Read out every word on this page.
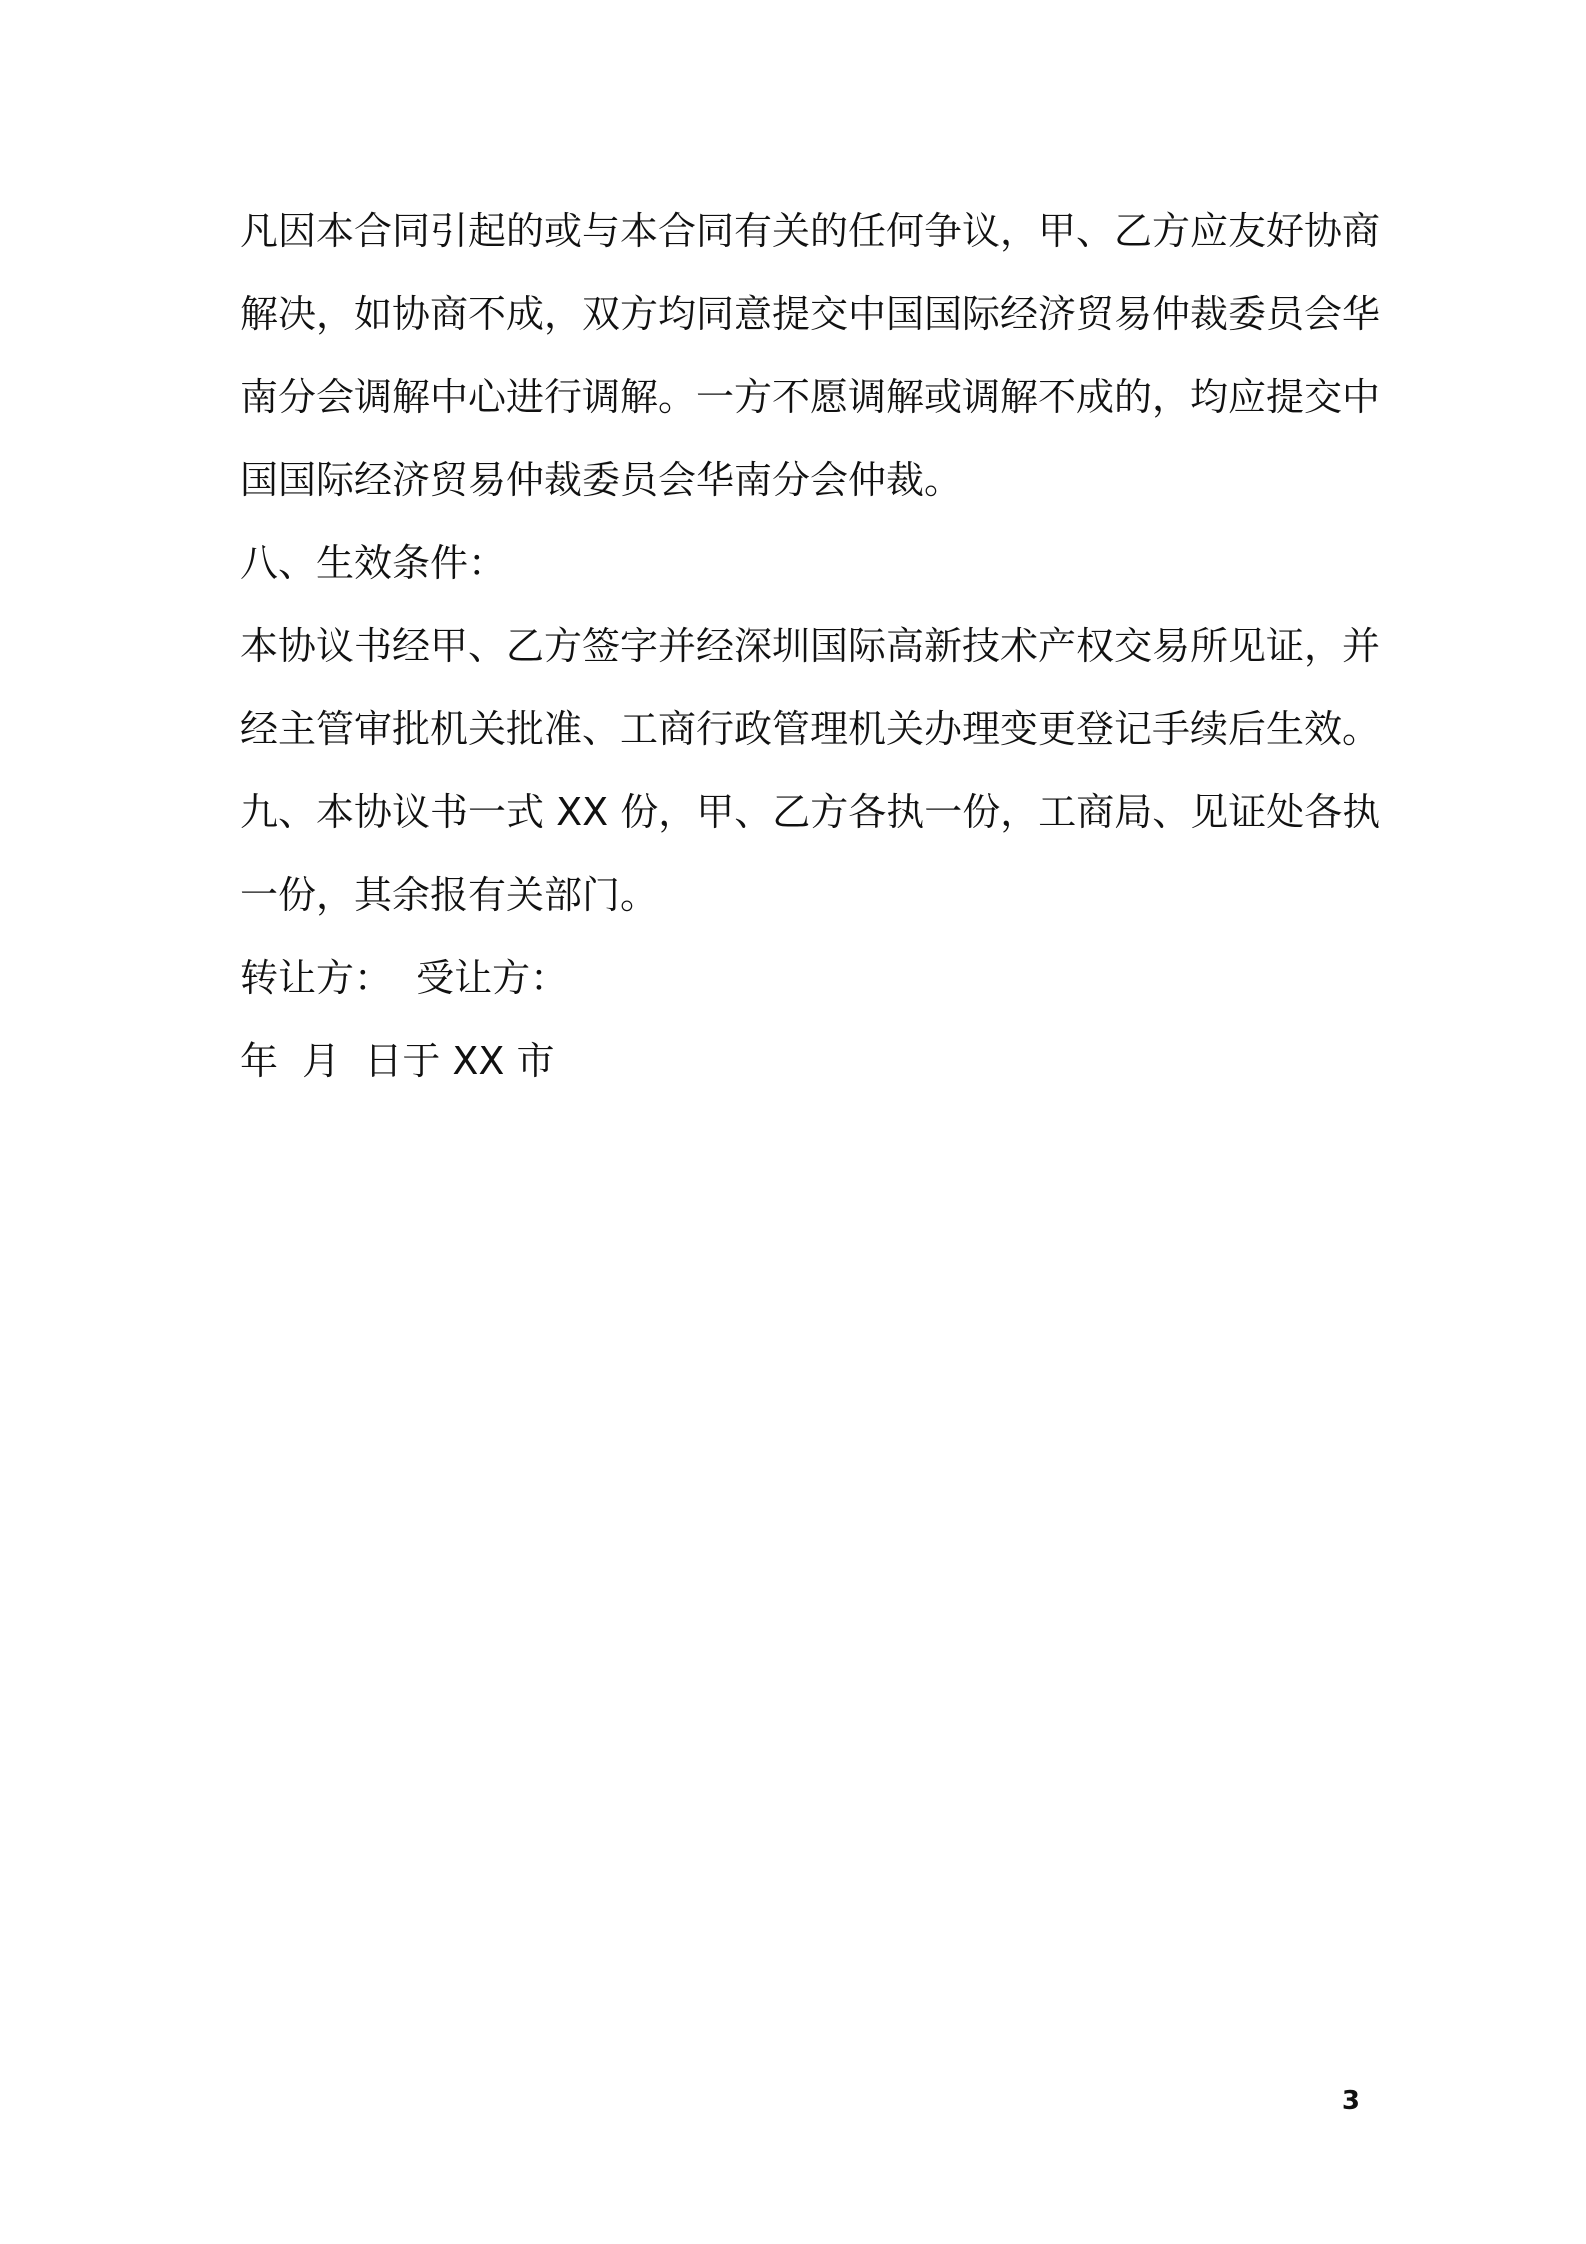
凡因本合同引起的或与本合同有关的任何争议，甲、乙方应友好协商
解决，如协商不成，双方均同意提交中国国际经济贸易仲裁委员会华
南分会调解中心进行调解。一方不愿调解或调解不成的，均应提交中
国国际经济贸易仲裁委员会华南分会仲裁。
八、生效条件：
本协议书经甲、乙方签字并经深圳国际高新技术产权交易所见证，并
经主管审批机关批准、工商行政管理机关办理变更登记手续后生效。
九、本协议书一式 XX 份，甲、乙方各执一份，工商局、见证处各执
一份，其余报有关部门。
转让方：  受让方：
年  月  日于 XX 市
3
